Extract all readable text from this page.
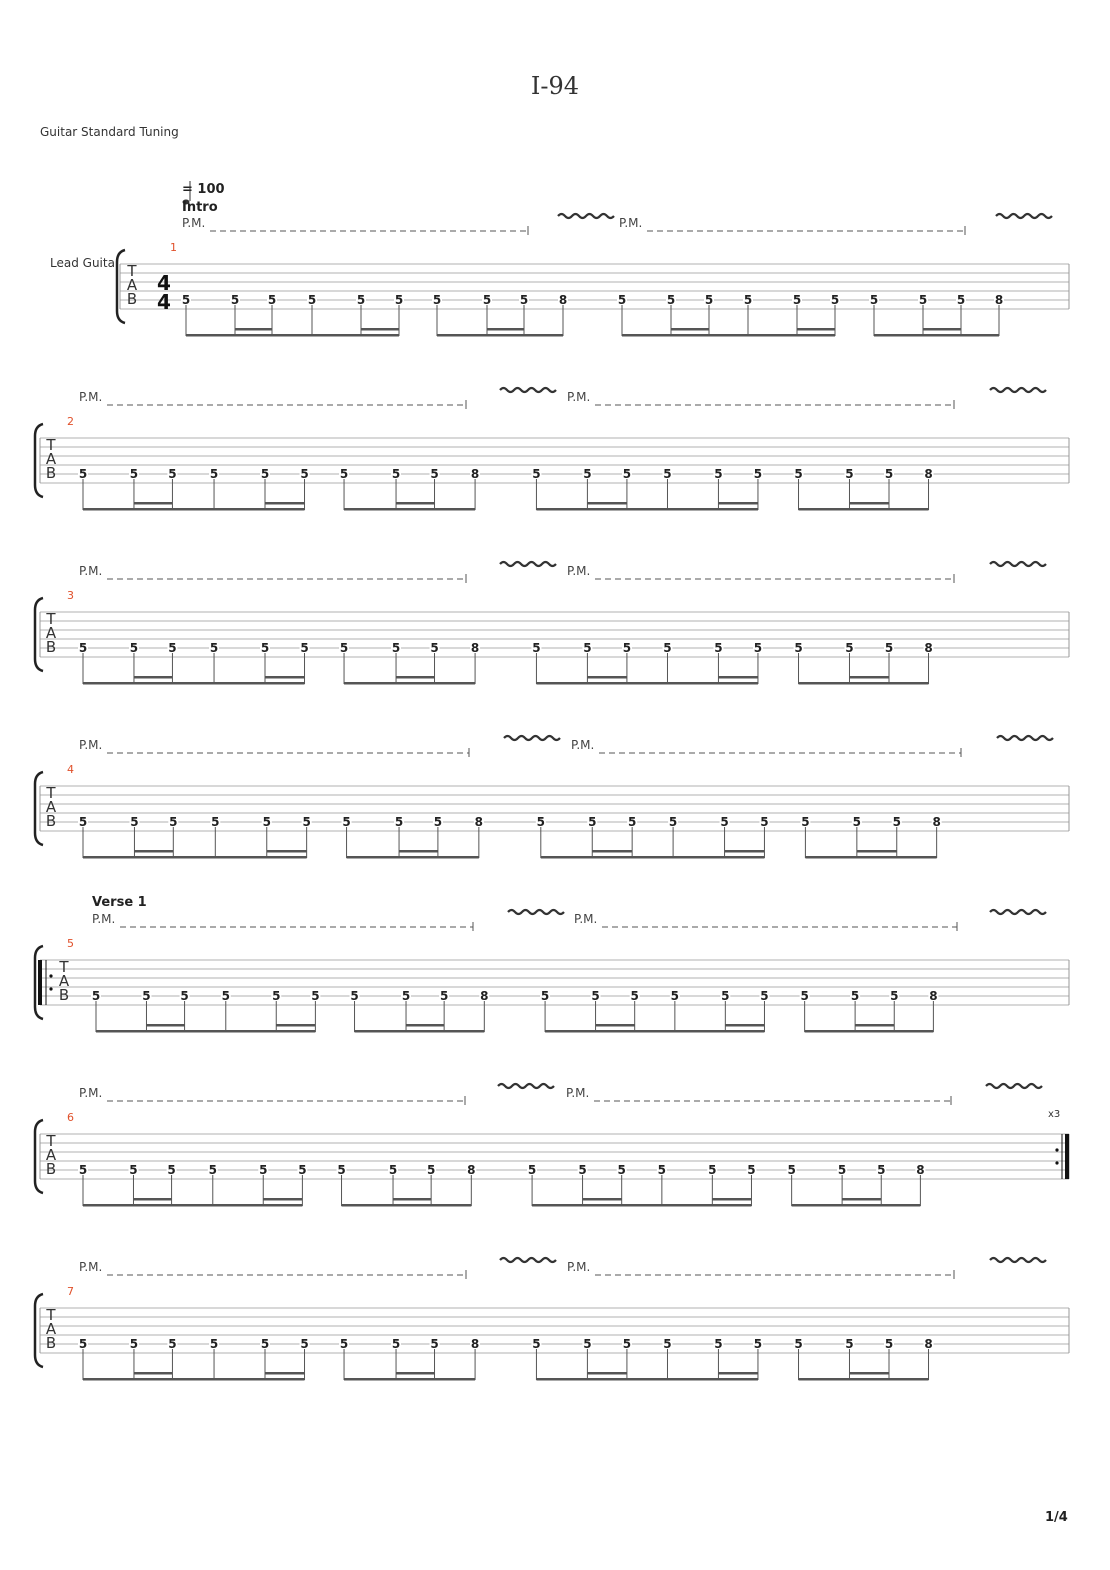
I-94
Guitar Standard Tuning
1/4
= 100
Intro
Lead Guita
P.M.	P.M.
1
T
A
B
4
4 5	5 5	5	5 5 5	5 5	8	5	5 5	5	5 5	5	5 5 8
P.M.	P.M.
2
T
A
B 5	5	5	5	5	5	5	5	5	8	5	5	5	5	5	5	5	5	5	8
P.M.	P.M.
3
T
A
B 5	5	5	5	5	5	5	5	5	8	5	5	5	5	5	5	5	5	5	8
P.M.	P.M.
4
T
A
B 5	5	5	5	5	5	5	5	5	8	5	5	5	5	5	5	5	5	5	8
Verse 1
P.M.	P.M.
5
T
A
B 5	5 5	5	5	5	5	5 5	8	5	5	5	5	5	5	5	5	5	8
P.M.	P.M.
6
T
A
B
x3
5	5 5	5	5	5	5	5 5	8	5	5	5	5	5	5	5	5	5	8
P.M.	P.M.
7
T
A
B 5	5	5	5	5	5	5	5	5	8	5	5	5	5	5	5	5	5	5	8
